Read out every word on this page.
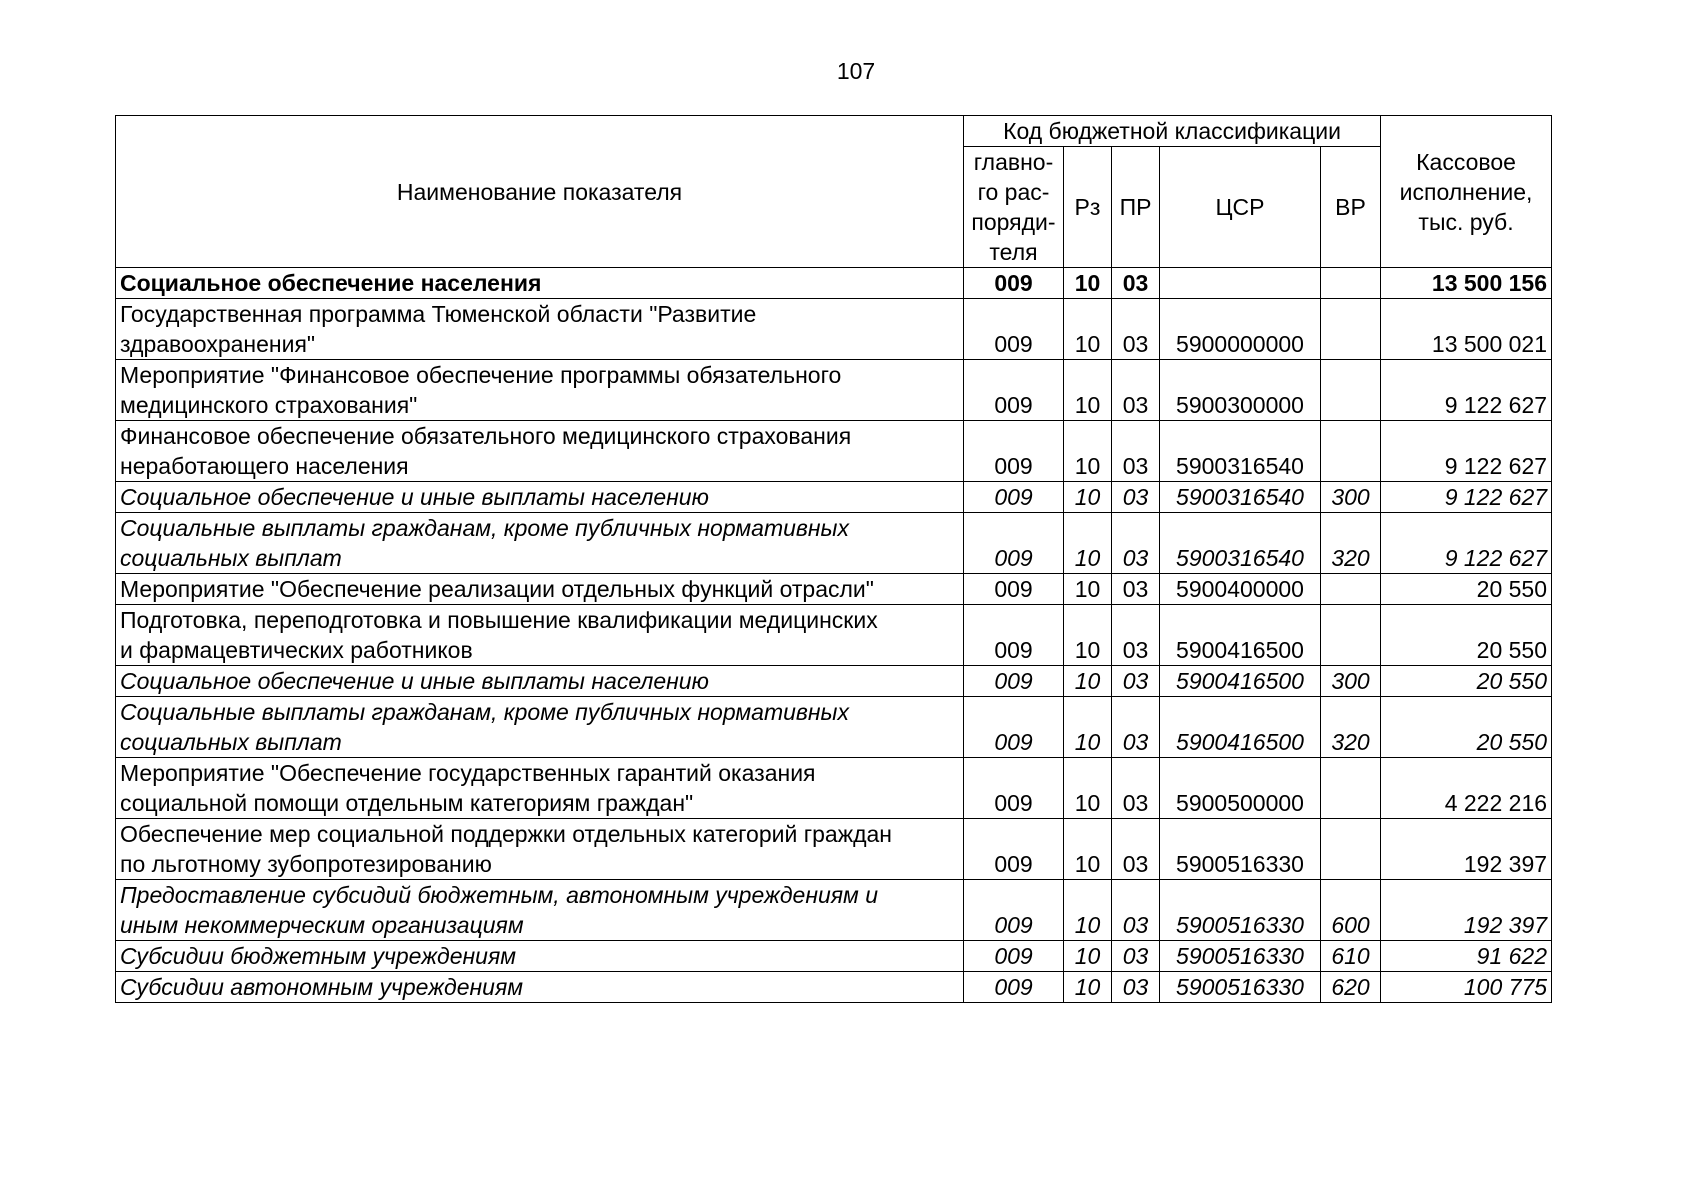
107
Наименование показателя	Код бюджетной классификации					Кассовое
исполнение,
тыс. руб.

	главно-
го рас-
поряди-
теля	Рз	ПР	ЦСР	ВР	

Социальное обеспечение населения	009	10	03			13 500 156

Государственная программа Тюменской области "Развитие
здравоохранения"	009	10	03	5900000000		13 500 021

Мероприятие "Финансовое обеспечение программы обязательного
медицинского страхования"	009	10	03	5900300000		9 122 627

Финансовое обеспечение обязательного медицинского страхования
неработающего населения	009	10	03	5900316540		9 122 627

Социальное обеспечение и иные выплаты населению	009	10	03	5900316540	300	9 122 627

Социальные выплаты гражданам, кроме публичных нормативных
социальных выплат	009	10	03	5900316540	320	9 122 627

Мероприятие "Обеспечение реализации отдельных функций отрасли"	009	10	03	5900400000		20 550

Подготовка, переподготовка и повышение квалификации медицинских
и фармацевтических работников	009	10	03	5900416500		20 550

Социальное обеспечение и иные выплаты населению	009	10	03	5900416500	300	20 550

Социальные выплаты гражданам, кроме публичных нормативных
социальных выплат	009	10	03	5900416500	320	20 550

Мероприятие "Обеспечение государственных гарантий оказания
социальной помощи отдельным категориям граждан"	009	10	03	5900500000		4 222 216

Обеспечение мер социальной поддержки отдельных категорий граждан
по льготному зубопротезированию	009	10	03	5900516330		192 397

Предоставление субсидий бюджетным, автономным учреждениям и
иным некоммерческим организациям	009	10	03	5900516330	600	192 397

Субсидии бюджетным учреждениям	009	10	03	5900516330	610	91 622

Субсидии автономным учреждениям	009	10	03	5900516330	620	100 775
